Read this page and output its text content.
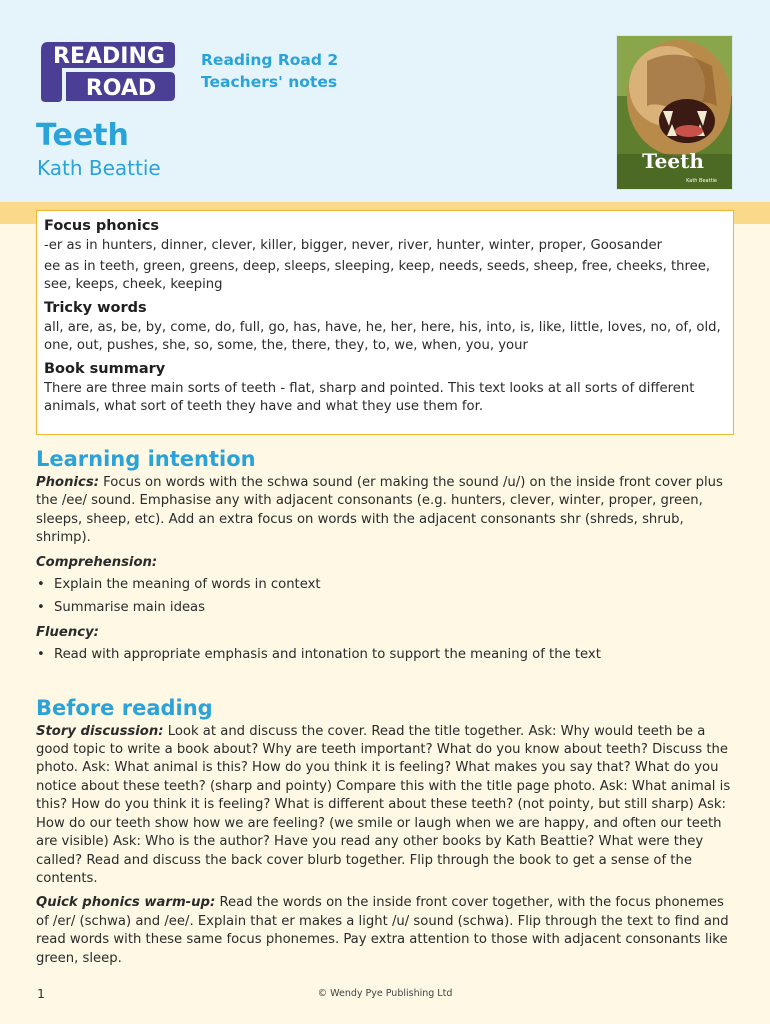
READING
ROAD
Reading Road 2
Teachers' notes
Teeth
Kath Beattie	Teeth
Kath Beattie
Focus phonics

-er as in hunters, dinner, clever, killer, bigger, never, river, hunter, winter, proper, Goosander

ee as in teeth, green, greens, deep, sleeps, sleeping, keep, needs, seeds, sheep, free, cheeks, three, see, keeps, cheek, keeping

Tricky words

all, are, as, be, by, come, do, full, go, has, have, he, her, here, his, into, is, like, little, loves, no, of, old, one, out, pushes, she, so, some, the, there, they, to, we, when, you, your

Book summary

There are three main sorts of teeth - flat, sharp and pointed. This text looks at all sorts of different animals, what sort of teeth they have and what they use them for.

Learning intention

Phonics: Focus on words with the schwa sound (er making the sound /u/) on the inside front cover plus the /ee/ sound. Emphasise any with adjacent consonants (e.g. hunters, clever, winter, proper, green, sleeps, sheep, etc). Add an extra focus on words with the adjacent consonants shr (shreds, shrub, shrimp).

Comprehension:

• Explain the meaning of words in context
• Summarise main ideas

Fluency:

• Read with appropriate emphasis and intonation to support the meaning of the text
Before reading

Story discussion: Look at and discuss the cover. Read the title together. Ask: Why would teeth be a good topic to write a book about? Why are teeth important? What do you know about teeth? Discuss the photo. Ask: What animal is this? How do you think it is feeling? What makes you say that? What do you notice about these teeth? (sharp and pointy) Compare this with the title page photo. Ask: What animal is this? How do you think it is feeling? What is different about these teeth? (not pointy, but still sharp) Ask: How do our teeth show how we are feeling? (we smile or laugh when we are happy, and often our teeth are visible) Ask: Who is the author? Have you read any other books by Kath Beattie? What were they called? Read and discuss the back cover blurb together. Flip through the book to get a sense of the contents.

Quick phonics warm-up: Read the words on the inside front cover together, with the focus phonemes of /er/ (schwa) and /ee/. Explain that er makes a light /u/ sound (schwa). Flip through the text to find and read words with these same focus phonemes. Pay extra attention to those with adjacent consonants like green, sleep.

1	© Wendy Pye Publishing Ltd
